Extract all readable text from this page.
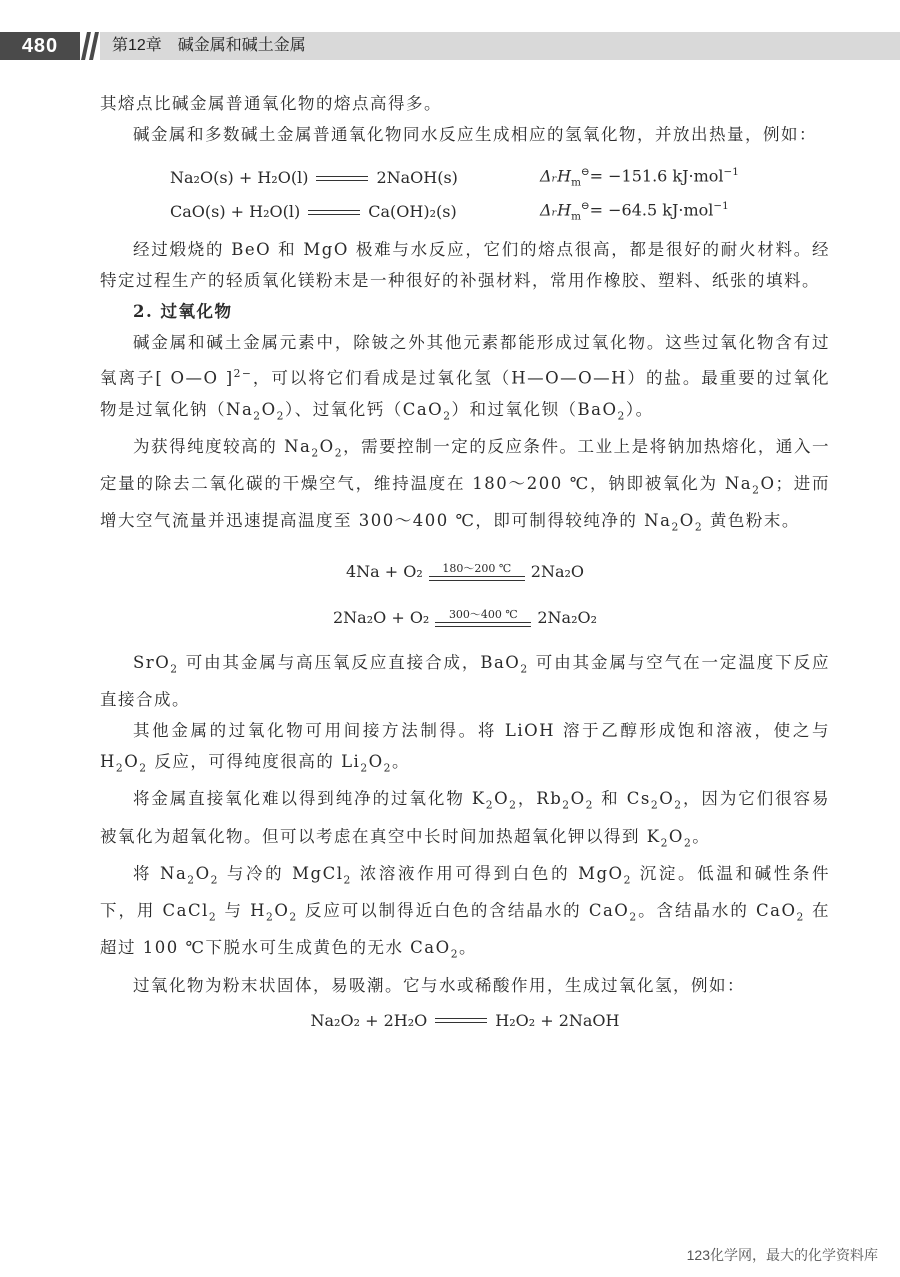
480	第12章　碱金属和碱土金属

其熔点比碱金属普通氧化物的熔点高得多。

碱金属和多数碱土金属普通氧化物同水反应生成相应的氢氧化物，并放出热量，例如：

Na₂O(s) + H₂O(l)	2NaOH(s)	ΔᵣH$_m$⊖= −151.6 kJ·mol$^{-1}$
CaO(s) + H₂O(l)	Ca(OH)₂(s)	ΔᵣH$_m$⊖= −64.5 kJ·mol$^{-1}$

经过煅烧的 BeO 和 MgO 极难与水反应，它们的熔点很高，都是很好的耐火材料。经特定过程生产的轻质氧化镁粉末是一种很好的补强材料，常用作橡胶、塑料、纸张的填料。

2. 过氧化物

碱金属和碱土金属元素中，除铍之外其他元素都能形成过氧化物。这些过氧化物含有过氧离子[ O—O ]$^{2-}$，可以将它们看成是过氧化氢（H—O—O—H）的盐。最重要的过氧化物是过氧化钠$(Na_2O_2)$、过氧化钙（CaO$_2$）和过氧化钡（BaO$_2$）。

为获得纯度较高的 $Na_2O_2$，需要控制一定的反应条件。工业上是将钠加热熔化，通入一定量的除去二氧化碳的干燥空气，维持温度在 180～200 ℃，钠即被氧化为 $Na_2O$；进而增大空气流量并迅速提高温度至 300～400 ℃，即可制得较纯净的 $Na_2O_2$ 黄色粉末。

4Na + O₂	180～200 ℃	2Na₂O
2Na₂O + O₂	300～400 ℃	2Na₂O₂

SrO$_2$ 可由其金属与高压氧反应直接合成，BaO$_2$ 可由其金属与空气在一定温度下反应直接合成。

其他金属的过氧化物可用间接方法制得。将 LiOH 溶于乙醇形成饱和溶液，使之与 $H_2O_2$ 反应，可得纯度很高的 $Li_2O_2$。

将金属直接氧化难以得到纯净的过氧化物 $K_2O_2$，$Rb_2O_2$ 和 $Cs_2O_2$，因为它们很容易被氧化为超氧化物。但可以考虑在真空中长时间加热超氧化钾以得到 $K_2O_2$。

将 $Na_2O_2$ 与冷的 MgCl$_2$ 浓溶液作用可得到白色的 MgO$_2$ 沉淀。低温和碱性条件下，用 CaCl$_2$ 与 $H_2O_2$ 反应可以制得近白色的含结晶水的 CaO$_2$。含结晶水的 CaO$_2$ 在超过 100 ℃下脱水可生成黄色的无水 CaO$_2$。

过氧化物为粉末状固体，易吸潮。它与水或稀酸作用，生成过氧化氢，例如：

Na₂O₂ + 2H₂O	H₂O₂ + 2NaOH
123化学网，最大的化学资料库
